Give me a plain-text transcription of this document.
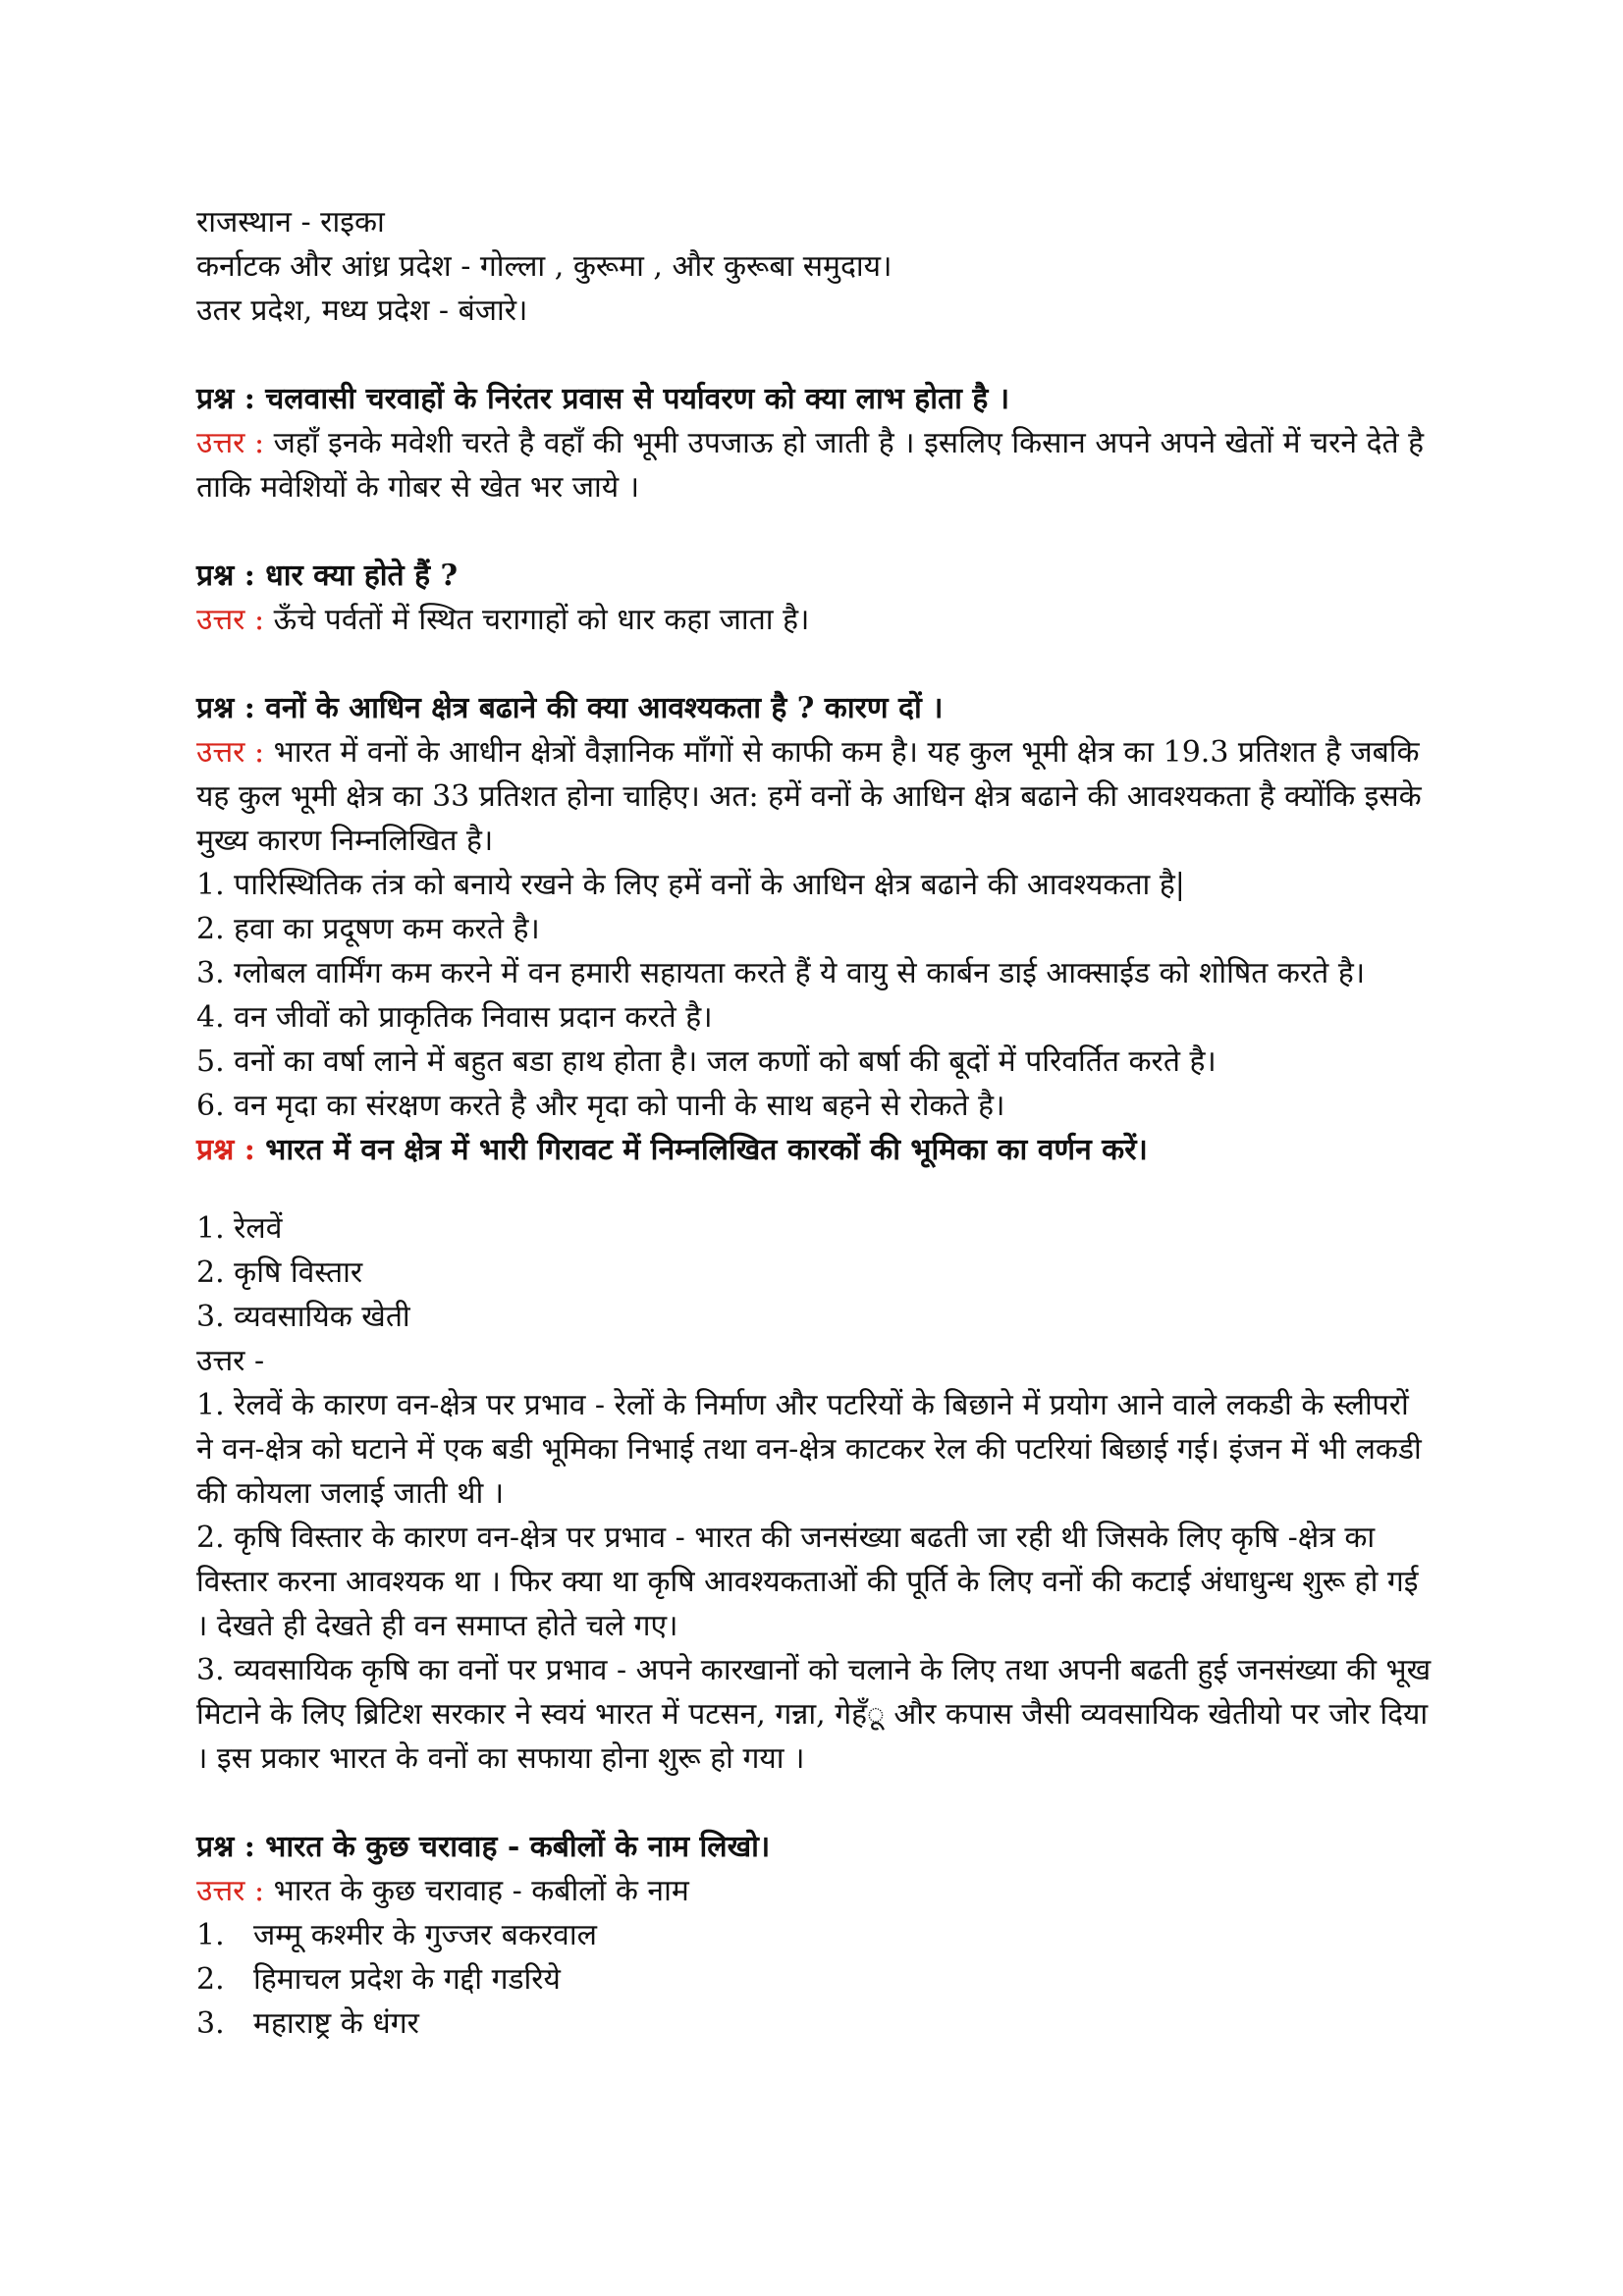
राजस्थान - राइका

कर्नाटक और आंध्र प्रदेश - गोल्ला , कुरूमा , और कुरूबा समुदाय।

उतर प्रदेश, मध्य प्रदेश - बंजारे।

प्रश्न : चलवासी चरवाहों के निरंतर प्रवास से पर्यावरण को क्या लाभ होता है ।

उत्तर : जहाँ इनके मवेशी चरते है वहाँ की भूमी उपजाऊ हो जाती है । इसलिए किसान अपने अपने खेतों में चरने देते है ताकि मवेशियों के गोबर से खेत भर जाये ।

प्रश्न : धार क्या होते हैं ?

उत्तर : ऊँचे पर्वतों में स्थित चरागाहों को धार कहा जाता है।

प्रश्न : वनों के आधिन क्षेत्र बढाने की क्या आवश्यकता है ? कारण दों ।

उत्तर : भारत में वनों के आधीन क्षेत्रों वैज्ञानिक माँगों से काफी कम है। यह कुल भूमी क्षेत्र का 19.3 प्रतिशत है जबकि यह कुल भूमी क्षेत्र का 33 प्रतिशत होना चाहिए। अत: हमें वनों के आधिन क्षेत्र बढाने की आवश्यकता है क्योंकि इसके मुख्य कारण निम्नलिखित है।

1. पारिस्थितिक तंत्र को बनाये रखने के लिए हमें वनों के आधिन क्षेत्र बढाने की आवश्यकता है|

2. हवा का प्रदूषण कम करते है।

3. ग्लोबल वार्मिंग कम करने में वन हमारी सहायता करते हैं ये वायु से कार्बन डाई आक्साईड को शोषित करते है।

4. वन जीवों को प्राकृतिक निवास प्रदान करते है।

5. वनों का वर्षा लाने में बहुत बडा हाथ होता है। जल कणों को बर्षा की बूदों में परिवर्तित करते है।

6. वन मृदा का संरक्षण करते है और मृदा को पानी के साथ बहने से रोकते है।

प्रश्न : भारत में वन क्षेत्र में भारी गिरावट में निम्नलिखित कारकों की भूमिका का वर्णन करें।

1. रेलवें

2. कृषि विस्तार

3. व्यवसायिक खेती

उत्तर -

1. रेलवें के कारण वन-क्षेत्र पर प्रभाव - रेलों के निर्माण और पटरियों के बिछाने में प्रयोग आने वाले लकडी के स्लीपरों ने वन-क्षेत्र को घटाने में एक बडी भूमिका निभाई तथा वन-क्षेत्र काटकर रेल की पटरियां बिछाई गई। इंजन में भी लकडी की कोयला जलाई जाती थी ।

2. कृषि विस्तार के कारण वन-क्षेत्र पर प्रभाव - भारत की जनसंख्या बढती जा रही थी जिसके लिए कृषि -क्षेत्र का विस्तार करना आवश्यक था । फिर क्या था कृषि आवश्यकताओं की पूर्ति के लिए वनों की कटाई अंधाधुन्ध शुरू हो गई । देखते ही देखते ही वन समाप्त होते चले गए।

3. व्यवसायिक कृषि का वनों पर प्रभाव - अपने कारखानों को चलाने के लिए तथा अपनी बढती हुई जनसंख्या की भूख मिटाने के लिए ब्रिटिश सरकार ने स्वयं भारत में पटसन, गन्ना, गेहँू और कपास जैसी व्यवसायिक खेतीयो पर जोर दिया । इस प्रकार भारत के वनों का सफाया होना शुरू हो गया ।

प्रश्न : भारत के कुछ चरावाह - कबीलों के नाम लिखो।

उत्तर : भारत के कुछ चरावाह - कबीलों के नाम

1. जम्मू कश्मीर के गुज्जर बकरवाल
2. हिमाचल प्रदेश के गद्दी गडरिये
3. महाराष्ट्र के धंगर
